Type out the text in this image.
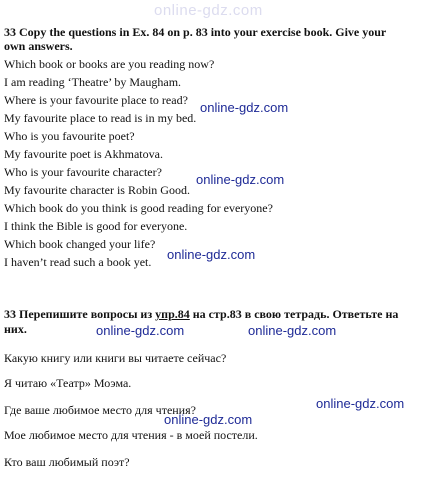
online-gdz.com
33 Copy the questions in Ex. 84 on p. 83 into your exercise book. Give your
own answers.
Which book or books are you reading now?
I am reading ‘Theatre’ by Maugham.
Where is your favourite place to read?
My favourite place to read is in my bed.
Who is you favourite poet?
My favourite poet is Akhmatova.
Who is your favourite character?
My favourite character is Robin Good.
Which book do you think is good reading for everyone?
I think the Bible is good for everyone.
Which book changed your life?
I haven’t read such a book yet.
online-gdz.com
online-gdz.com
online-gdz.com
33 Перепишите вопросы из упр.84 на стр.83 в свою тетрадь. Ответьте на
них.
Какую книгу или книги вы читаете сейчас?
Я читаю «Театр» Моэма.
Где ваше любимое место для чтения?
Мое любимое место для чтения - в моей постели.
Кто ваш любимый поэт?
online-gdz.com	online-gdz.com
online-gdz.com
online-gdz.com
